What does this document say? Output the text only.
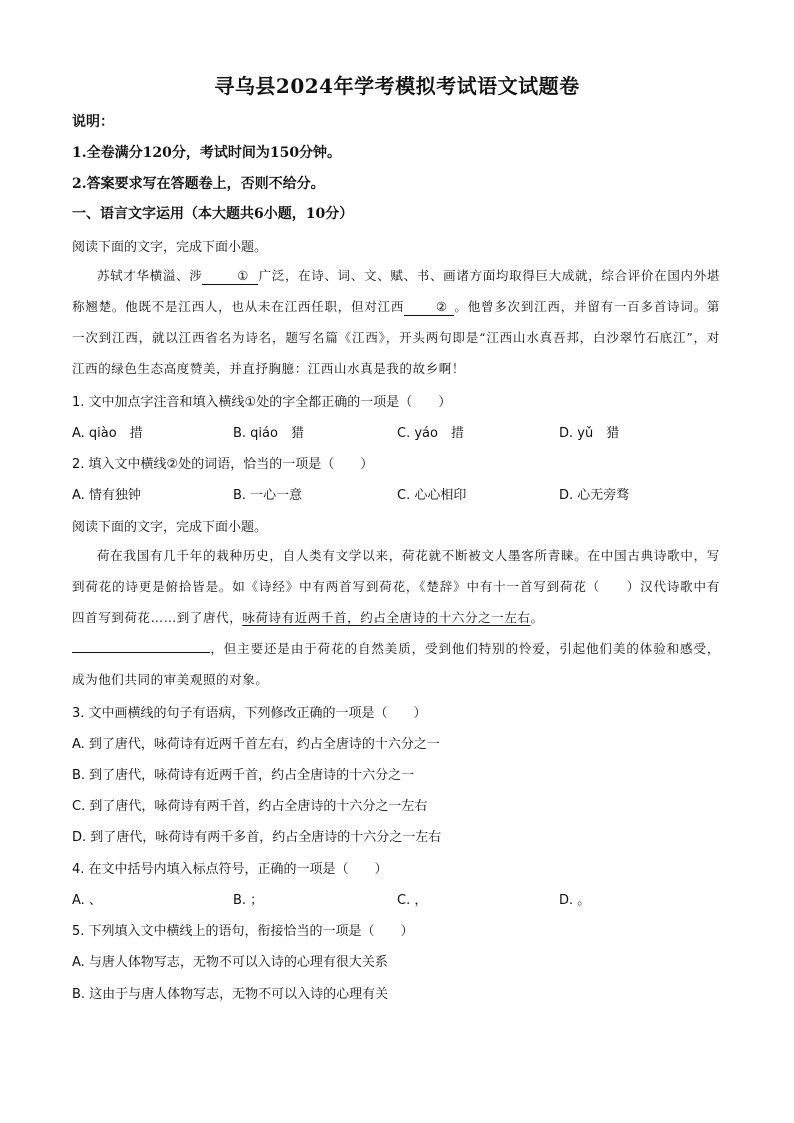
寻乌县2024年学考模拟考试语文试题卷
说明：
1.全卷满分120分，考试时间为150分钟。
2.答案要求写在答题卷上，否则不给分。
一、语言文字运用（本大题共6小题，10分）
阅读下面的文字，完成下面小题。

苏轼才华横溢、涉	① 广泛，在诗、词、文、赋、书、画诸方面均取得巨大成就，综合评价在国内外堪称翘楚。他既不是江西人，也从未在江西任职，但对江西	② 。他曾多次到江西，并留有一百多首诗词。第一次到江西，就以江西省名为诗名，题写名篇《江西》，开头两句即是“江西山水真吾邦，白沙翠竹石底江”，对江西的绿色生态高度赞美，并直抒胸臆：江西山水真是我的故乡啊！

1. 文中加点字注音和填入横线①处的字全都正确的一项是（　　）
A. qiào　措	B. qiáo　猎	C. yáo　措	D. yǔ　猎
2. 填入文中横线②处的词语，恰当的一项是（　　）
A. 情有独钟	B. 一心一意	C. 心心相印	D. 心无旁骛
阅读下面的文字，完成下面小题。

荷在我国有几千年的栽种历史，自人类有文学以来，荷花就不断被文人墨客所青睐。在中国古典诗歌中，写到荷花的诗更是俯拾皆是。如《诗经》中有两首写到荷花，《楚辞》中有十一首写到荷花（　　）汉代诗歌中有四首写到荷花……到了唐代，咏荷诗有近两千首，约占全唐诗的十六分之一左右。

，但主要还是由于荷花的自然美质，受到他们特别的怜爱，引起他们美的体验和感受，成为他们共同的审美观照的对象。

3. 文中画横线的句子有语病，下列修改正确的一项是（　　）
A. 到了唐代，咏荷诗有近两千首左右，约占全唐诗的十六分之一
B. 到了唐代，咏荷诗有近两千首，约占全唐诗的十六分之一
C. 到了唐代，咏荷诗有两千首，约占全唐诗的十六分之一左右
D. 到了唐代，咏荷诗有两千多首，约占全唐诗的十六分之一左右
4. 在文中括号内填入标点符号，正确的一项是（　　）
A. 、	B. ；	C. ，	D. 。
5. 下列填入文中横线上的语句，衔接恰当的一项是（　　）
A. 与唐人体物写志，无物不可以入诗的心理有很大关系
B. 这由于与唐人体物写志，无物不可以入诗的心理有关
